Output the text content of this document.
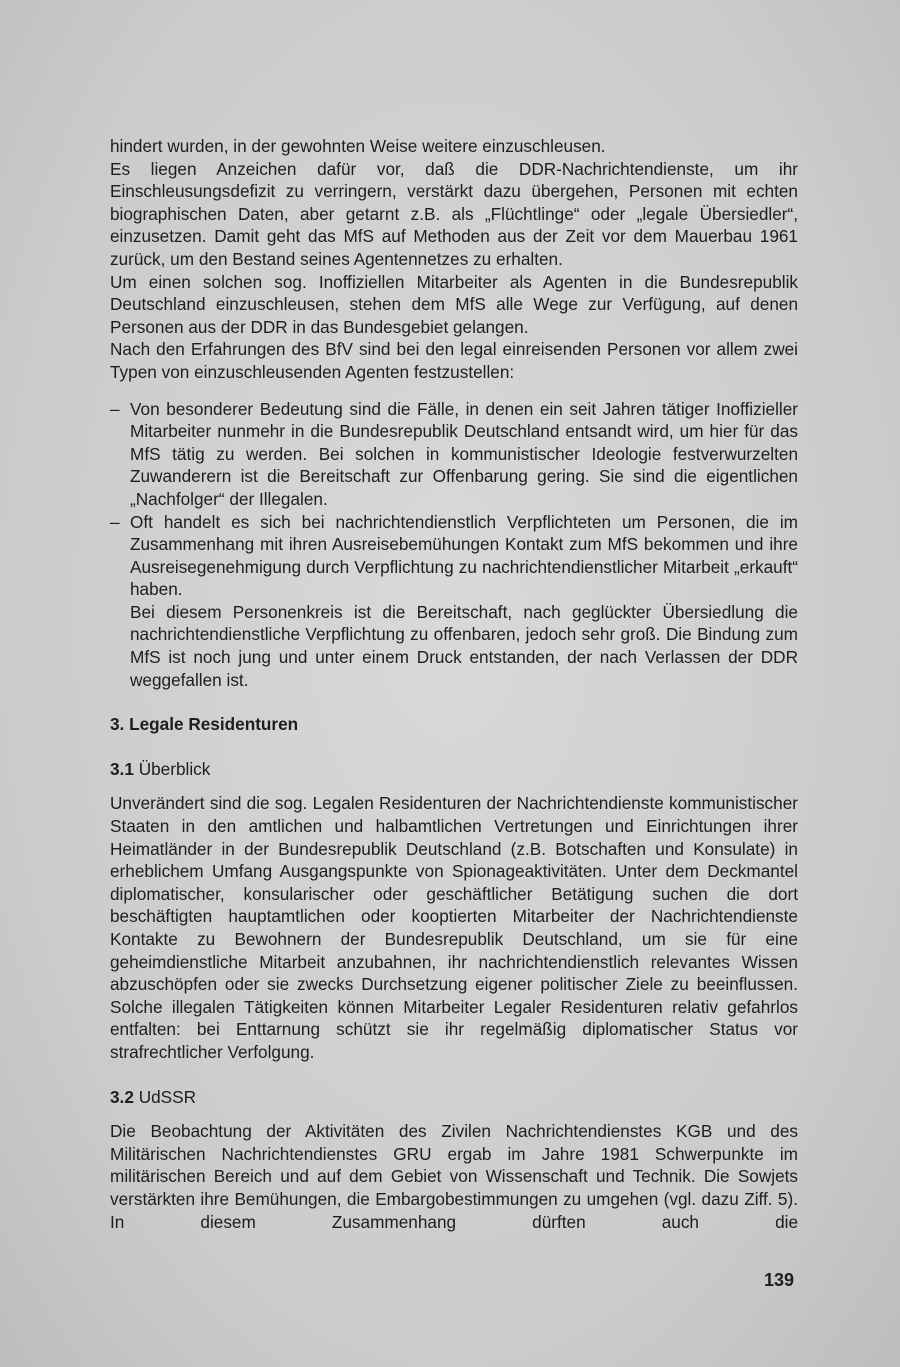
hindert wurden, in der gewohnten Weise weitere einzuschleusen.

Es liegen Anzeichen dafür vor, daß die DDR-Nachrichtendienste, um ihr Einschleusungsdefizit zu verringern, verstärkt dazu übergehen, Personen mit echten biographischen Daten, aber getarnt z.B. als „Flüchtlinge“ oder „legale Übersiedler“, einzusetzen. Damit geht das MfS auf Methoden aus der Zeit vor dem Mauerbau 1961 zurück, um den Bestand seines Agentennetzes zu erhalten.

Um einen solchen sog. Inoffiziellen Mitarbeiter als Agenten in die Bundesrepublik Deutschland einzuschleusen, stehen dem MfS alle Wege zur Verfügung, auf denen Personen aus der DDR in das Bundesgebiet gelangen.

Nach den Erfahrungen des BfV sind bei den legal einreisenden Personen vor allem zwei Typen von einzuschleusenden Agenten festzustellen:

– Von besonderer Bedeutung sind die Fälle, in denen ein seit Jahren tätiger Inoffizieller Mitarbeiter nunmehr in die Bundesrepublik Deutschland entsandt wird, um hier für das MfS tätig zu werden. Bei solchen in kommunistischer Ideologie festverwurzelten Zuwanderern ist die Bereitschaft zur Offenbarung gering. Sie sind die eigentlichen „Nachfolger“ der Illegalen.

– Oft handelt es sich bei nachrichtendienstlich Verpflichteten um Personen, die im Zusammenhang mit ihren Ausreisebemühungen Kontakt zum MfS bekommen und ihre Ausreisegenehmigung durch Verpflichtung zu nachrichtendienstlicher Mitarbeit „erkauft“ haben.

Bei diesem Personenkreis ist die Bereitschaft, nach geglückter Übersiedlung die nachrichtendienstliche Verpflichtung zu offenbaren, jedoch sehr groß. Die Bindung zum MfS ist noch jung und unter einem Druck entstanden, der nach Verlassen der DDR weggefallen ist.

3. Legale Residenturen
3.1 Überblick

Unverändert sind die sog. Legalen Residenturen der Nachrichtendienste kommunistischer Staaten in den amtlichen und halbamtlichen Vertretungen und Einrichtungen ihrer Heimatländer in der Bundesrepublik Deutschland (z.B. Botschaften und Konsulate) in erheblichem Umfang Ausgangspunkte von Spionageaktivitäten. Unter dem Deckmantel diplomatischer, konsularischer oder geschäftlicher Betätigung suchen die dort beschäftigten hauptamtlichen oder kooptierten Mitarbeiter der Nachrichtendienste Kontakte zu Bewohnern der Bundesrepublik Deutschland, um sie für eine geheimdienstliche Mitarbeit anzubahnen, ihr nachrichtendienstlich relevantes Wissen abzuschöpfen oder sie zwecks Durchsetzung eigener politischer Ziele zu beeinflussen. Solche illegalen Tätigkeiten können Mitarbeiter Legaler Residenturen relativ gefahrlos entfalten: bei Enttarnung schützt sie ihr regelmäßig diplomatischer Status vor strafrechtlicher Verfolgung.

3.2 UdSSR

Die Beobachtung der Aktivitäten des Zivilen Nachrichtendienstes KGB und des Militärischen Nachrichtendienstes GRU ergab im Jahre 1981 Schwerpunkte im militärischen Bereich und auf dem Gebiet von Wissenschaft und Technik. Die Sowjets verstärkten ihre Bemühungen, die Embargobestimmungen zu umgehen (vgl. dazu Ziff. 5). In diesem Zusammenhang dürften auch die

139
